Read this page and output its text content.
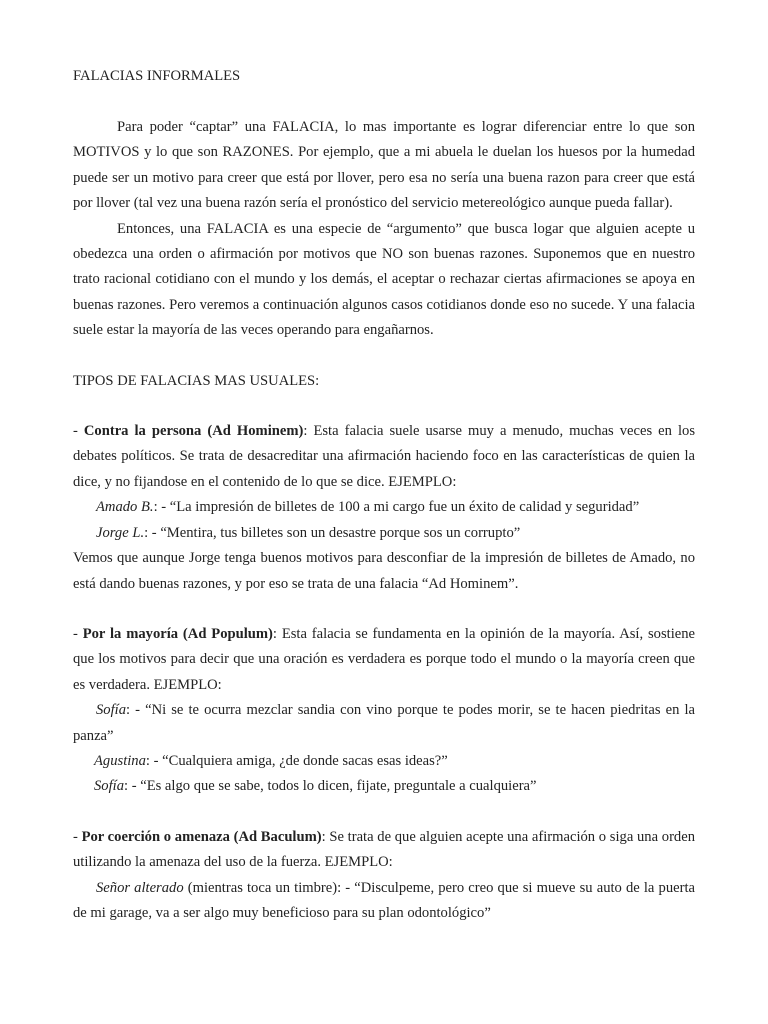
FALACIAS INFORMALES

Para poder “captar” una FALACIA, lo mas importante es lograr diferenciar entre lo que son MOTIVOS y lo que son RAZONES. Por ejemplo, que a mi abuela le duelan los huesos por la humedad puede ser un motivo para creer que está por llover, pero esa no sería una buena razon para creer que está por llover (tal vez una buena razón sería el pronóstico del servicio metereológico aunque pueda fallar).

Entonces, una FALACIA es una especie de “argumento” que busca logar que alguien acepte u obedezca una orden o afirmación por motivos que NO son buenas razones. Suponemos que en nuestro trato racional cotidiano con el mundo y los demás, el aceptar o rechazar ciertas afirmaciones se apoya en buenas razones. Pero veremos a continuación algunos casos cotidianos donde eso no sucede. Y una falacia suele estar la mayoría de las veces operando para engañarnos.

TIPOS DE FALACIAS MAS USUALES:

- Contra la persona (Ad Hominem): Esta falacia suele usarse muy a menudo, muchas veces en los debates políticos. Se trata de desacreditar una afirmación haciendo foco en las características de quien la dice, y no fijandose en el contenido de lo que se dice. EJEMPLO:

Amado B.: - “La impresión de billetes de 100 a mi cargo fue un éxito de calidad y seguridad”

Jorge L.: - “Mentira, tus billetes son un desastre porque sos un corrupto”

Vemos que aunque Jorge tenga buenos motivos para desconfiar de la impresión de billetes de Amado, no está dando buenas razones, y por eso se trata de una falacia “Ad Hominem”.

- Por la mayoría (Ad Populum): Esta falacia se fundamenta en la opinión de la mayoría. Así, sostiene que los motivos para decir que una oración es verdadera es porque todo el mundo o la mayoría creen que es verdadera. EJEMPLO:

Sofía: - “Ni se te ocurra mezclar sandia con vino porque te podes morir, se te hacen piedritas en la panza”

Agustina: - “Cualquiera amiga, ¿de donde sacas esas ideas?”

Sofía: - “Es algo que se sabe, todos lo dicen, fijate, preguntale a cualquiera”

- Por coerción o amenaza (Ad Baculum): Se trata de que alguien acepte una afirmación o siga una orden utilizando la amenaza del uso de la fuerza. EJEMPLO:

Señor alterado (mientras toca un timbre): - “Disculpeme, pero creo que si mueve su auto de la puerta de mi garage, va a ser algo muy beneficioso para su plan odontológico”
